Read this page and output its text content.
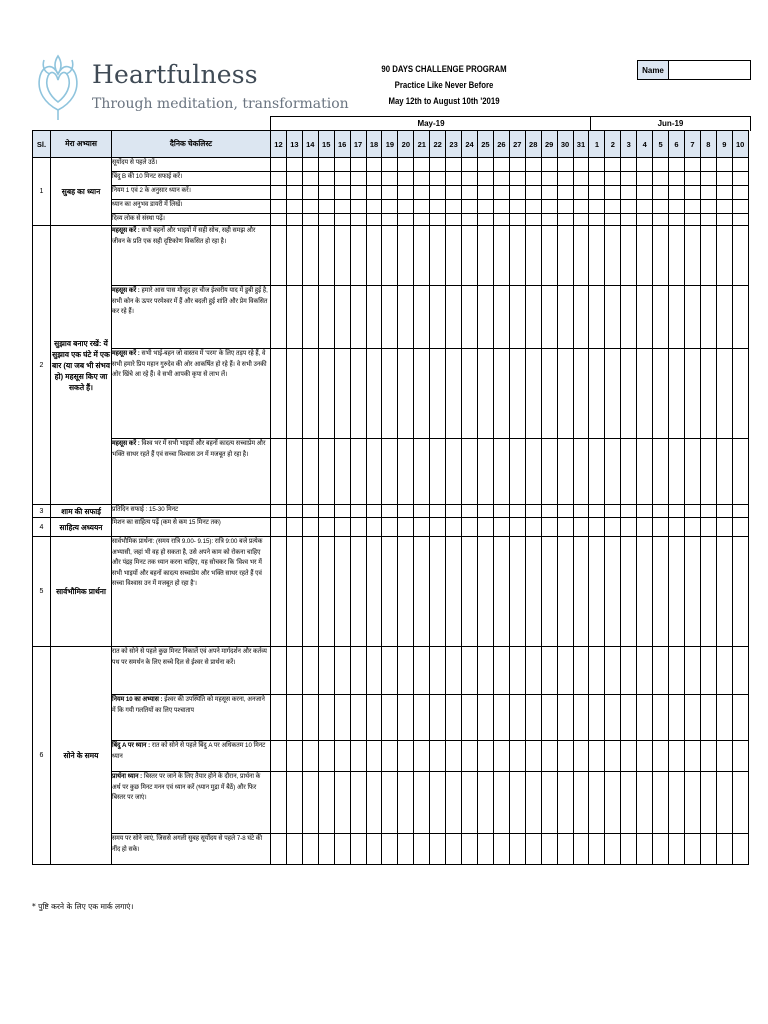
Heartfulness
Through meditation, transformation
90 DAYS CHALLENGE PROGRAM
Practice Like Never Before
May 12th to August 10th '2019
Name
May-19	Jun-19
Sl.	मेरा अभ्यास	दैनिक चेकलिस्ट	12	13	14	15	16	17	18	19	20	21	22	23	24	25	26	27	28	29	30	31	1	2	3	4	5	6	7	8	9	10
1	सुबह का ध्यान	सूर्योदय से पहले उठें।																														

		बिंदु B की 10 मिनट सफाई करें।																														

		नियम 1 एवं 2 के अनुसार ध्यान करें।																														

		ध्यान का अनुभव डायरी में लिखें।																														

		दिव्य लोक से संस्था पढ़ें।																														

2	सुझाव बनाए रखें: यें सुझाव एक घंटे में एक बार (या जब भी संभव हो) महसूस किए जा सकते हैं।	महसूस करें : सभी बहनों और भाइयों में सही सोच, सही समझ और जीवन के प्रति एक सही दृष्टिकोण विकसित हो रहा है।																														

		महसूस करें : हमारे आस पास मौजूद हर चीज ईश्वरीय याद में डूबी हुई है, सभी कोन के ऊपर परमेश्वर में हैं और बदली हुई शांति और प्रेम विकसित कर रहे हैं।																														

		महसूस करें : सभी भाई-बहन जो वास्तव में 'परम' के लिए तड़प रहे हैं, वे सभी हमारे प्रिय महान गुरुदेव की ओर आकर्षित हो रहे हैं। वे सभी उनकी ओर खिंचे आ रहे हैं। वे सभी आपकी कृपा से लाभ लें।																														

		महसूस करें : विश्व भर में सभी भाइयों और बहनों कादत्य सच्चाप्रेम और भक्ति साथर रहते हैं एवं सच्चा विश्वास उन में मजबूत हो रहा है।																														

3	शाम की सफाई	प्रतिदिन सफाई : 15-30 मिनट																														

4	साहित्य अध्ययन	मिशन का साहित्य पढ़ें (कम से कम 15 मिनट तक)																														

5	सार्वभौमिक प्रार्थना	सार्वभौमिक प्रार्थना: (समय रात्रि 9.00- 9.15): रात्रि 9:00 बजे प्रत्येक अभ्यासी, जहां भी वह हो सकता है, उसे अपने काम को रोकना चाहिए और पंद्रह मिनट तक ध्यान करना चाहिए, यह सोचकर कि 'विश्व भर में सभी भाइयों और बहनों कादत्य सच्चाप्रेम और भक्ति साथर रहते हैं एवं सच्चा विश्वास उन में मजबूत हो रहा है'।																														

6	सोने के समय	रात को सोने से पहले कुछ मिनट निकालें एवं अपने मार्गदर्शन और कर्तव्य पथ पर समर्थन के लिए सच्चे दिल से ईश्वर से प्रार्थना करें।																														

		नियम 10 का अभ्यास : ईश्वर की उपस्थिति को महसूस करना, अनजाने में कि गयी गलतियों का लिए पश्चाताप																														

		बिंदु A पर ध्यान : रात को सोने से पहले बिंदु A पर अधिकतम 10 मिनट ध्यान																														

		प्रार्थना ध्यान : बिस्तर पर जाने के लिए तैयार होने के दौरान, प्रार्थना के अर्थ पर कुछ मिनट मनन एवं ध्यान करें (ध्यान मुद्रा में बैठें) और फिर बिस्तर पर जाएं।																														

		समय पर सोने जाएं, जिससे अगली सुबह सूर्योदय से पहले 7-8 घंटे की नींद हो सके।																														

* पुष्टि करने के लिए एक मार्क लगाएं।
